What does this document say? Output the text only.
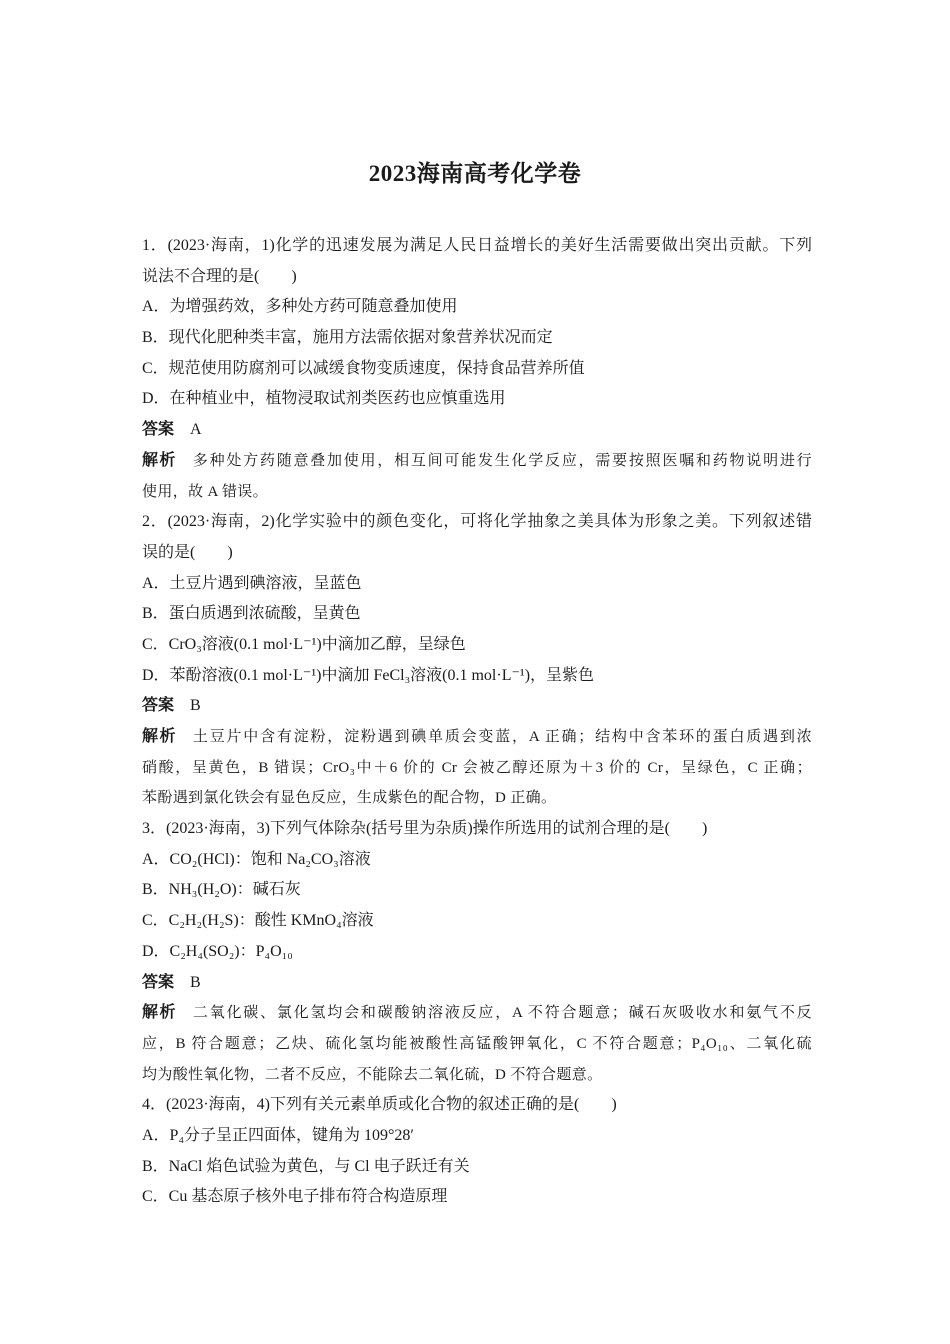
2023海南高考化学卷
1．(2023·海南，1)化学的迅速发展为满足人民日益增长的美好生活需要做出突出贡献。下列
说法不合理的是(　　)
A．为增强药效，多种处方药可随意叠加使用
B．现代化肥种类丰富，施用方法需依据对象营养状况而定
C．规范使用防腐剂可以减缓食物变质速度，保持食品营养所值
D．在种植业中，植物浸取试剂类医药也应慎重选用
答案 A
解析 多种处方药随意叠加使用，相互间可能发生化学反应，需要按照医嘱和药物说明进行
使用，故 A 错误。
2．(2023·海南，2)化学实验中的颜色变化，可将化学抽象之美具体为形象之美。下列叙述错
误的是(　　)
A．土豆片遇到碘溶液，呈蓝色
B．蛋白质遇到浓硫酸，呈黄色
C．CrO₃溶液(0.1 mol·L⁻¹)中滴加乙醇，呈绿色
D．苯酚溶液(0.1 mol·L⁻¹)中滴加 FeCl₃溶液(0.1 mol·L⁻¹)，呈紫色
答案 B
解析 土豆片中含有淀粉，淀粉遇到碘单质会变蓝，A 正确；结构中含苯环的蛋白质遇到浓
硝酸，呈黄色，B 错误；CrO₃中＋6 价的 Cr 会被乙醇还原为＋3 价的 Cr，呈绿色，C 正确；
苯酚遇到氯化铁会有显色反应，生成紫色的配合物，D 正确。
3．(2023·海南，3)下列气体除杂(括号里为杂质)操作所选用的试剂合理的是(　　)
A．CO₂(HCl)：饱和 Na₂CO₃溶液
B．NH₃(H₂O)：碱石灰
C．C₂H₂(H₂S)：酸性 KMnO₄溶液
D．C₂H₄(SO₂)：P₄O₁₀
答案 B
解析 二氧化碳、氯化氢均会和碳酸钠溶液反应，A 不符合题意；碱石灰吸收水和氨气不反
应，B 符合题意；乙炔、硫化氢均能被酸性高锰酸钾氧化，C 不符合题意；P₄O₁₀、二氧化硫
均为酸性氧化物，二者不反应，不能除去二氧化硫，D 不符合题意。
4．(2023·海南，4)下列有关元素单质或化合物的叙述正确的是(　　)
A．P₄分子呈正四面体，键角为 109°28′
B．NaCl 焰色试验为黄色，与 Cl 电子跃迁有关
C．Cu 基态原子核外电子排布符合构造原理
